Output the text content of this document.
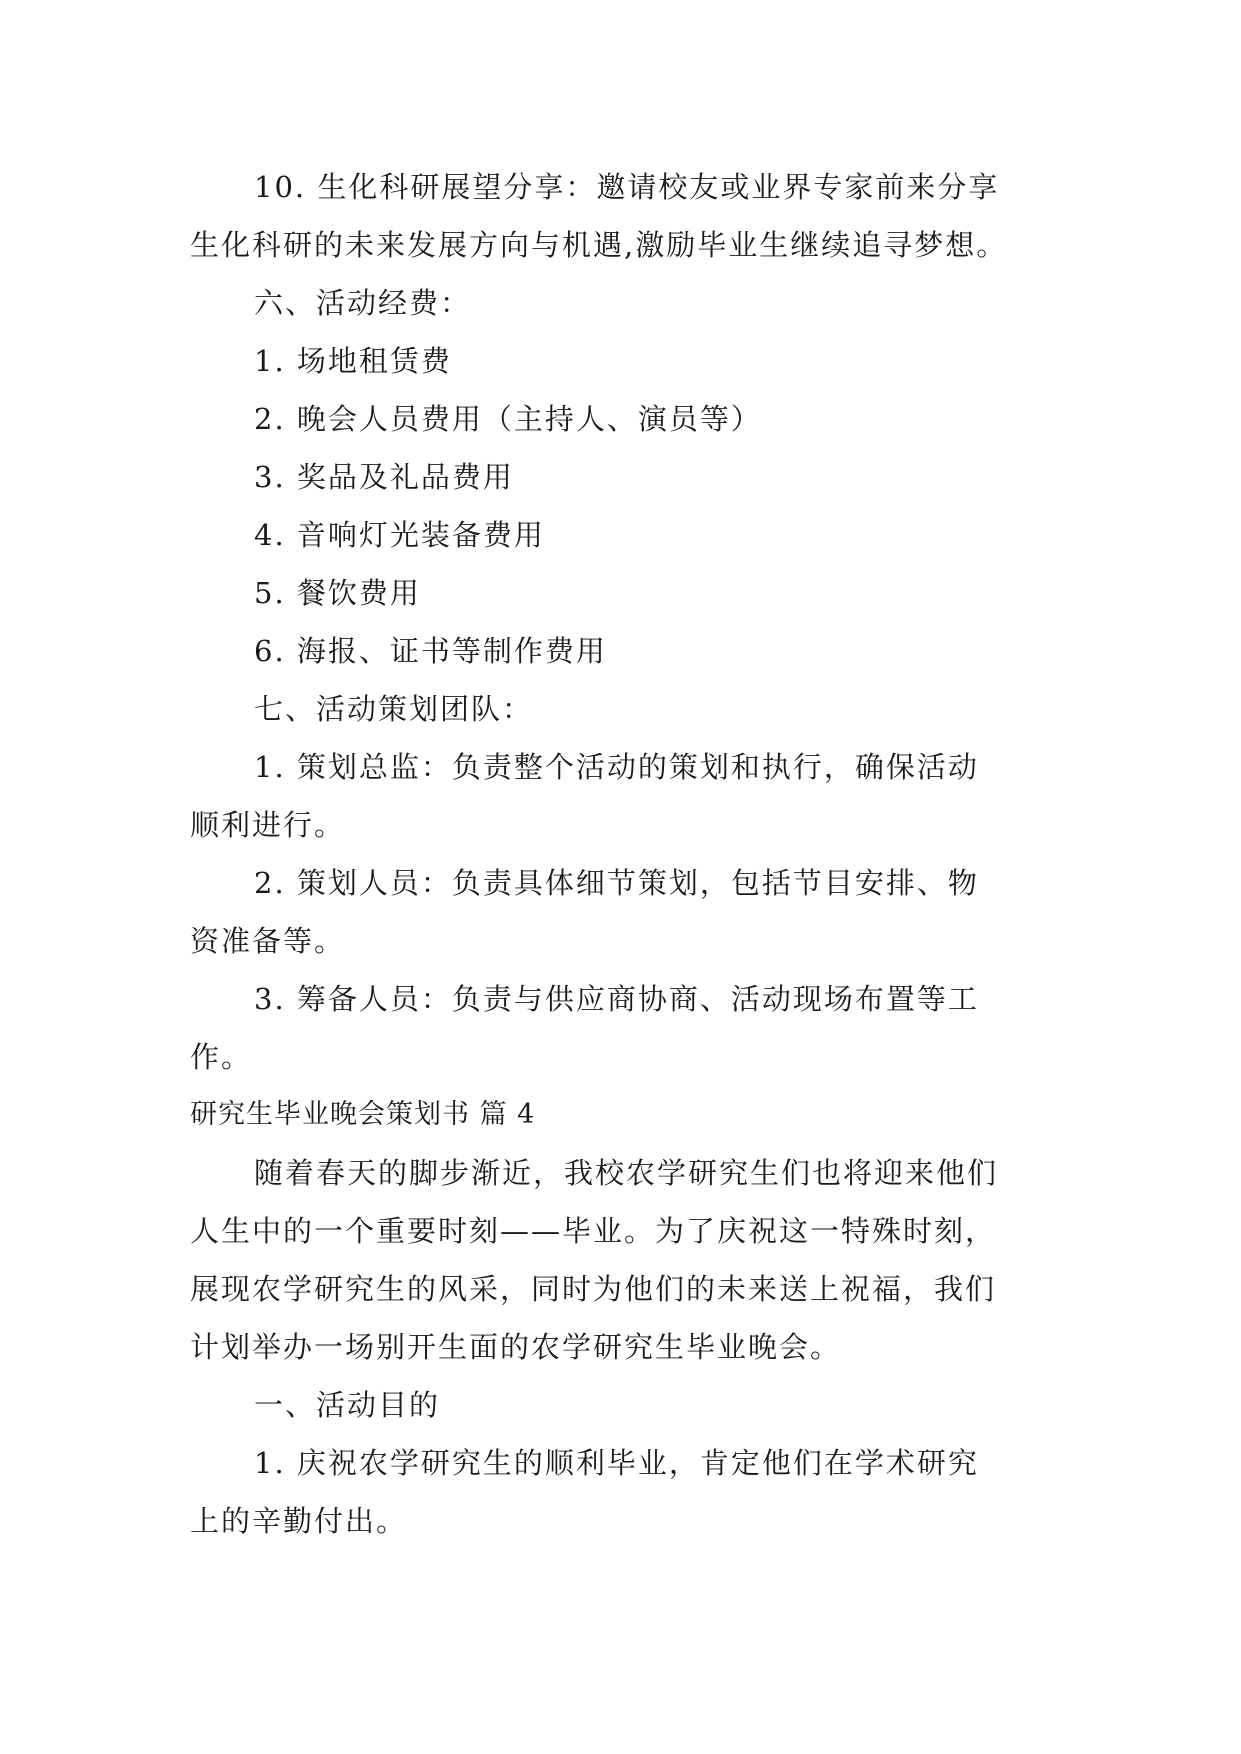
10. 生化科研展望分享：邀请校友或业界专家前来分享
生化科研的未来发展方向与机遇,激励毕业生继续追寻梦想。
六、活动经费：
1. 场地租赁费
2. 晚会人员费用（主持人、演员等）
3. 奖品及礼品费用
4. 音响灯光装备费用
5. 餐饮费用
6. 海报、证书等制作费用
七、活动策划团队：
1. 策划总监：负责整个活动的策划和执行，确保活动
顺利进行。
2. 策划人员：负责具体细节策划，包括节目安排、物
资准备等。
3. 筹备人员：负责与供应商协商、活动现场布置等工
作。
研究生毕业晚会策划书 篇 4
随着春天的脚步渐近，我校农学研究生们也将迎来他们
人生中的一个重要时刻——毕业。为了庆祝这一特殊时刻，
展现农学研究生的风采，同时为他们的未来送上祝福，我们
计划举办一场别开生面的农学研究生毕业晚会。
一、活动目的
1. 庆祝农学研究生的顺利毕业，肯定他们在学术研究
上的辛勤付出。
